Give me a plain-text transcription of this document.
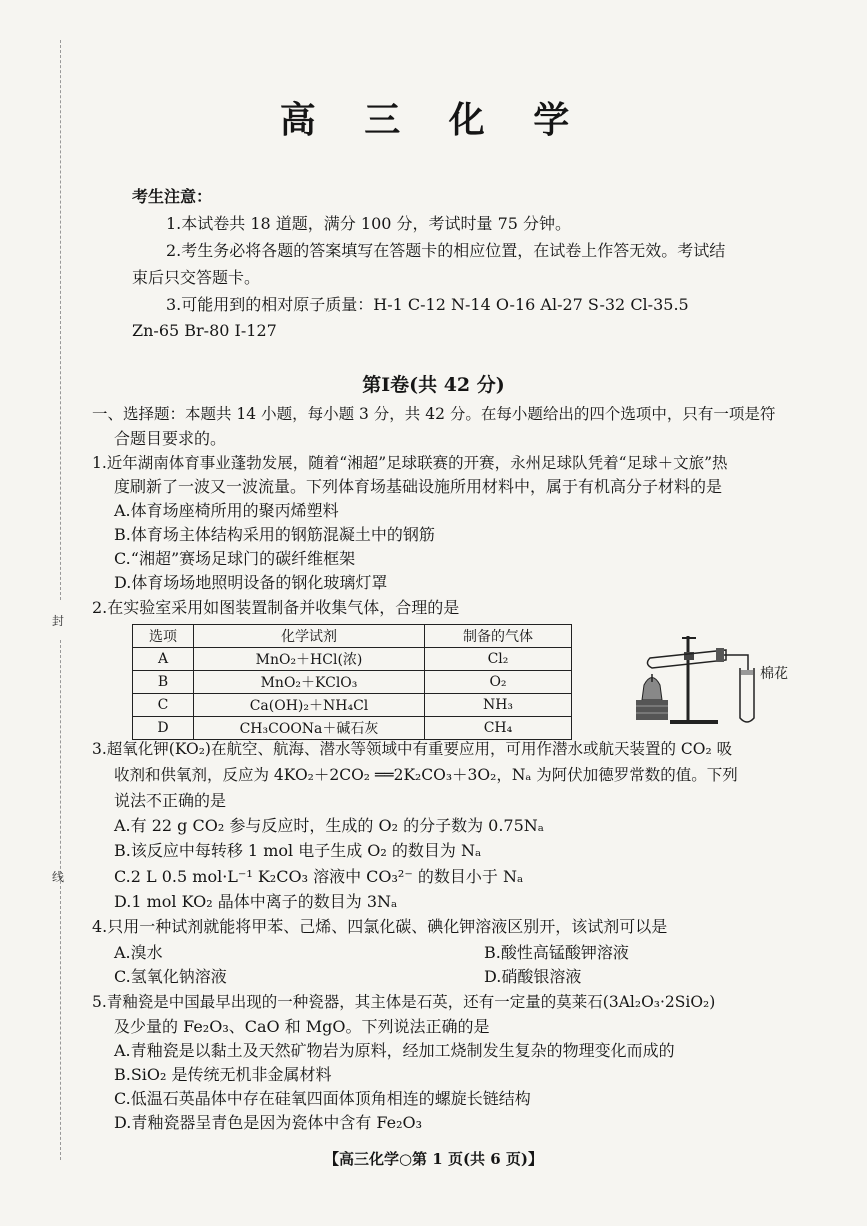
封
线
高 三 化 学
考生注意：
1.本试卷共 18 道题，满分 100 分，考试时量 75 分钟。
2.考生务必将各题的答案填写在答题卡的相应位置，在试卷上作答无效。考试结
束后只交答题卡。
3.可能用到的相对原子质量：H-1 C-12 N-14 O-16 Al-27 S-32 Cl-35.5
Zn-65 Br-80 I-127
第Ⅰ卷(共 42 分)
一、选择题：本题共 14 小题，每小题 3 分，共 42 分。在每小题给出的四个选项中，只有一项是符
合题目要求的。
1.近年湖南体育事业蓬勃发展，随着“湘超”足球联赛的开赛，永州足球队凭着“足球＋文旅”热
度刷新了一波又一波流量。下列体育场基础设施所用材料中，属于有机高分子材料的是
A.体育场座椅所用的聚丙烯塑料
B.体育场主体结构采用的钢筋混凝土中的钢筋
C.“湘超”赛场足球门的碳纤维框架
D.体育场场地照明设备的钢化玻璃灯罩
2.在实验室采用如图装置制备并收集气体，合理的是
选项	化学试剂	制备的气体
A	MnO₂＋HCl(浓)	Cl₂
B	MnO₂＋KClO₃	O₂
C	Ca(OH)₂＋NH₄Cl	NH₃
D	CH₃COONa＋碱石灰	CH₄
棉花
3.超氧化钾(KO₂)在航空、航海、潜水等领域中有重要应用，可用作潜水或航天装置的 CO₂ 吸
收剂和供氧剂，反应为 4KO₂＋2CO₂ ══2K₂CO₃＋3O₂，Nₐ 为阿伏加德罗常数的值。下列
说法不正确的是
A.有 22 g CO₂ 参与反应时，生成的 O₂ 的分子数为 0.75Nₐ
B.该反应中每转移 1 mol 电子生成 O₂ 的数目为 Nₐ
C.2 L 0.5 mol·L⁻¹ K₂CO₃ 溶液中 CO₃²⁻ 的数目小于 Nₐ
D.1 mol KO₂ 晶体中离子的数目为 3Nₐ
4.只用一种试剂就能将甲苯、己烯、四氯化碳、碘化钾溶液区别开，该试剂可以是
A.溴水	B.酸性高锰酸钾溶液
C.氢氧化钠溶液	D.硝酸银溶液
5.青釉瓷是中国最早出现的一种瓷器，其主体是石英，还有一定量的莫莱石(3Al₂O₃·2SiO₂)
及少量的 Fe₂O₃、CaO 和 MgO。下列说法正确的是
A.青釉瓷是以黏土及天然矿物岩为原料，经加工烧制发生复杂的物理变化而成的
B.SiO₂ 是传统无机非金属材料
C.低温石英晶体中存在硅氧四面体顶角相连的螺旋长链结构
D.青釉瓷器呈青色是因为瓷体中含有 Fe₂O₃
【高三化学○第 1 页(共 6 页)】
